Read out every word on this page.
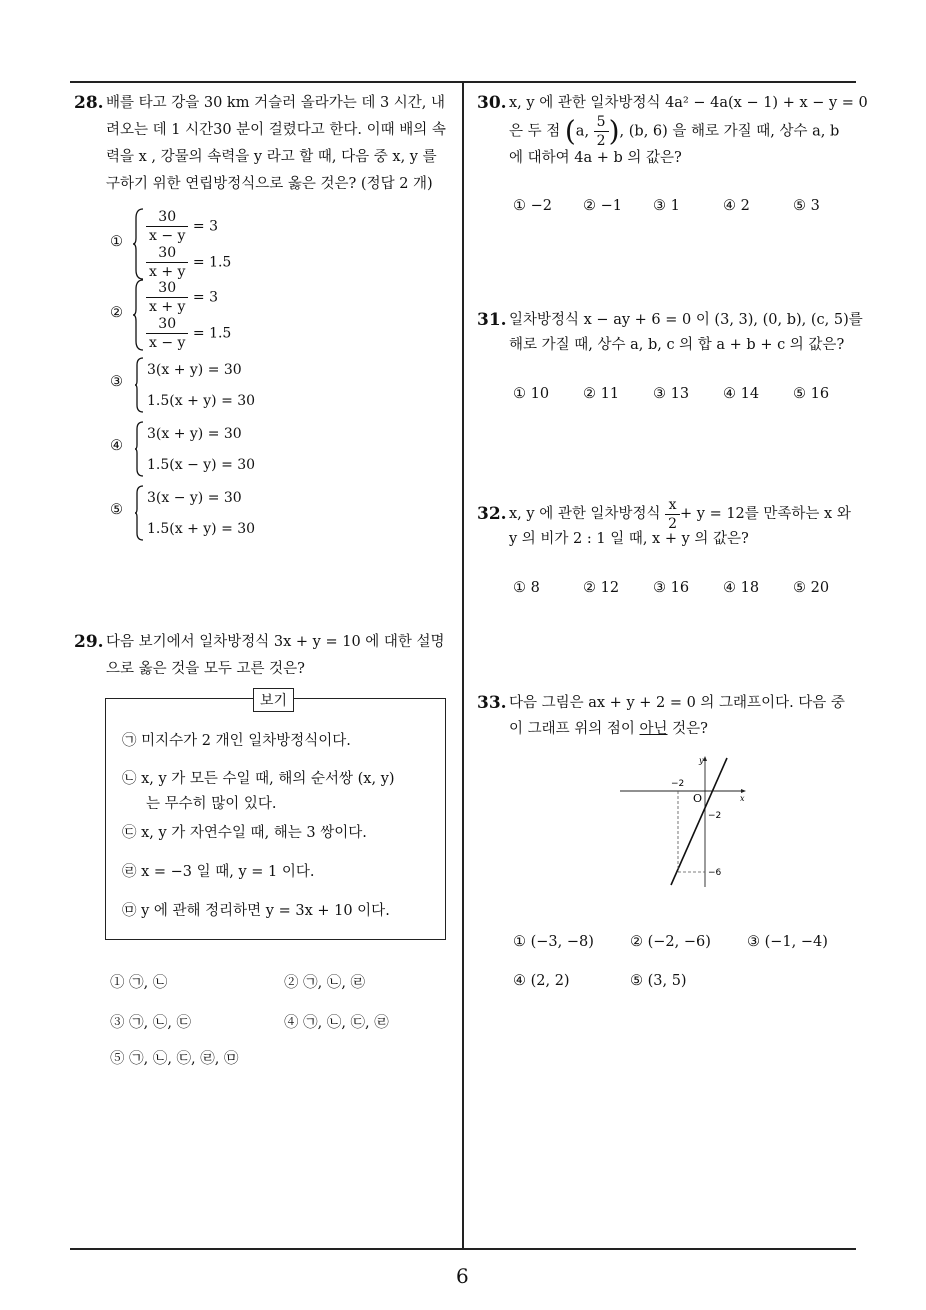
28. 배를 타고 강을 30 km 거슬러 올라가는 데 3 시간, 내
려오는 데 1 시간30 분이 걸렸다고 한다. 이때 배의 속
력을 x , 강물의 속력을 y 라고 할 때, 다음 중 x, y 를
구하기 위한 연립방정식으로 옳은 것은? (정답 2 개)
① $\frac{30}{x - y} = 3$
$\frac{30}{x + y} = 1.5$
② $\frac{30}{x + y} = 3$
$\frac{30}{x - y} = 1.5$
③
3(x + y) = 30
1.5(x + y) = 30
④
3(x + y) = 30
1.5(x − y) = 30
⑤
3(x − y) = 30
1.5(x + y) = 30
29. 다음 보기에서 일차방정식 3x + y = 10 에 대한 설명
으로 옳은 것을 모두 고른 것은?
보기
㉠ 미지수가 2 개인 일차방정식이다.
㉡ x, y 가 모든 수일 때, 해의 순서쌍 (x, y)
는 무수히 많이 있다.
㉢ x, y 가 자연수일 때, 해는 3 쌍이다.
㉣ x = −3 일 때, y = 1 이다.
㉤ y 에 관해 정리하면 y = 3x + 10 이다.
① ㉠, ㉡	② ㉠, ㉡, ㉣
③ ㉠, ㉡, ㉢	④ ㉠, ㉡, ㉢, ㉣
⑤ ㉠, ㉡, ㉢, ㉣, ㉤
30. x, y 에 관한 일차방정식 4a² − 4a(x − 1) + x − y = 0
은 두 점 (a, $\frac{5}{2}$ ), (b, 6) 을 해로 가질 때, 상수 a, b
에 대하여 4a + b 의 값은?
① −2 ② −1 ③ 1	④ 2	⑤ 3
31. 일차방정식 x − ay + 6 = 0 이 (3, 3), (0, b), (c, 5)를
해로 가질 때, 상수 a, b, c 의 합 a + b + c 의 값은?
① 10 ② 11 ③ 13 ④ 14 ⑤ 16
32. x, y 에 관한 일차방정식 $\frac{x}{2} + y = 12$를 만족하는 x 와
y 의 비가 2 : 1 일 때, x + y 의 값은?
① 8	② 12 ③ 16 ④ 18 ⑤ 20
33. 다음 그림은 ax + y + 2 = 0 의 그래프이다. 다음 중
이 그래프 위의 점이 아닌 것은?
y
x
O
−2
−2
−6
① (−3, −8) ② (−2, −6) ③ (−1, −4)
④ (2, 2)	⑤ (3, 5)
6
